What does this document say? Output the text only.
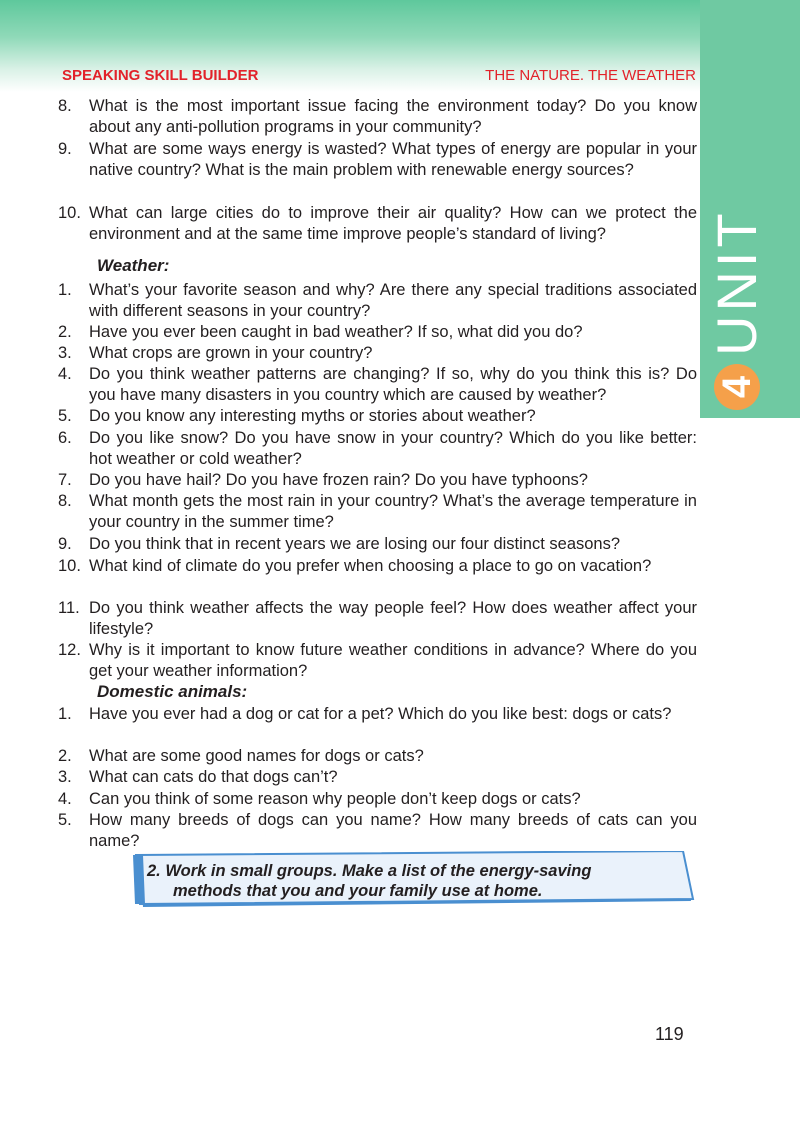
4
UNIT
SPEAKING SKILL BUILDER	THE NATURE. THE WEATHER
8.	What is the most important issue facing the environment today? Do you know about any anti-pollution programs in your community?
9.	What are some ways energy is wasted? What types of energy are popular in your native country? What is the main problem with renewable energy sources?
10. What can large cities do to improve their air quality? How can we protect the environment and at the same time improve people’s standard of living?
Weather:
1.	What’s your favorite season and why? Are there any special traditions associated with different seasons in your country?
2.	Have you ever been caught in bad weather? If so, what did you do?
3.	What crops are grown in your country?
4.	Do you think weather patterns are changing? If so, why do you think this is? Do you have many disasters in you country which are caused by weather?
5.	Do you know any interesting myths or stories about weather?
6.	Do you like snow? Do you have snow in your country? Which do you like better: hot weather or cold weather?
7.	Do you have hail? Do you have frozen rain? Do you have typhoons?
8.	What month gets the most rain in your country? What’s the average temperature in your country in the summer time?
9.	Do you think that in recent years we are losing our four distinct seasons?
10. What kind of climate do you prefer when choosing a place to go on vacation?
11. Do you think weather affects the way people feel? How does weather affect your lifestyle?
12. Why is it important to know future weather conditions in advance? Where do you get your weather information?
Domestic animals:
1.	Have you ever had a dog or cat for a pet? Which do you like best: dogs or cats?
2.	What are some good names for dogs or cats?
3.	What can cats do that dogs can’t?
4.	Can you think of some reason why people don’t keep dogs or cats?
5.	How many breeds of dogs can you name? How many breeds of cats can you name?
2. Work in small groups. Make a list of the energy-saving
methods that you and your family use at home.
119
